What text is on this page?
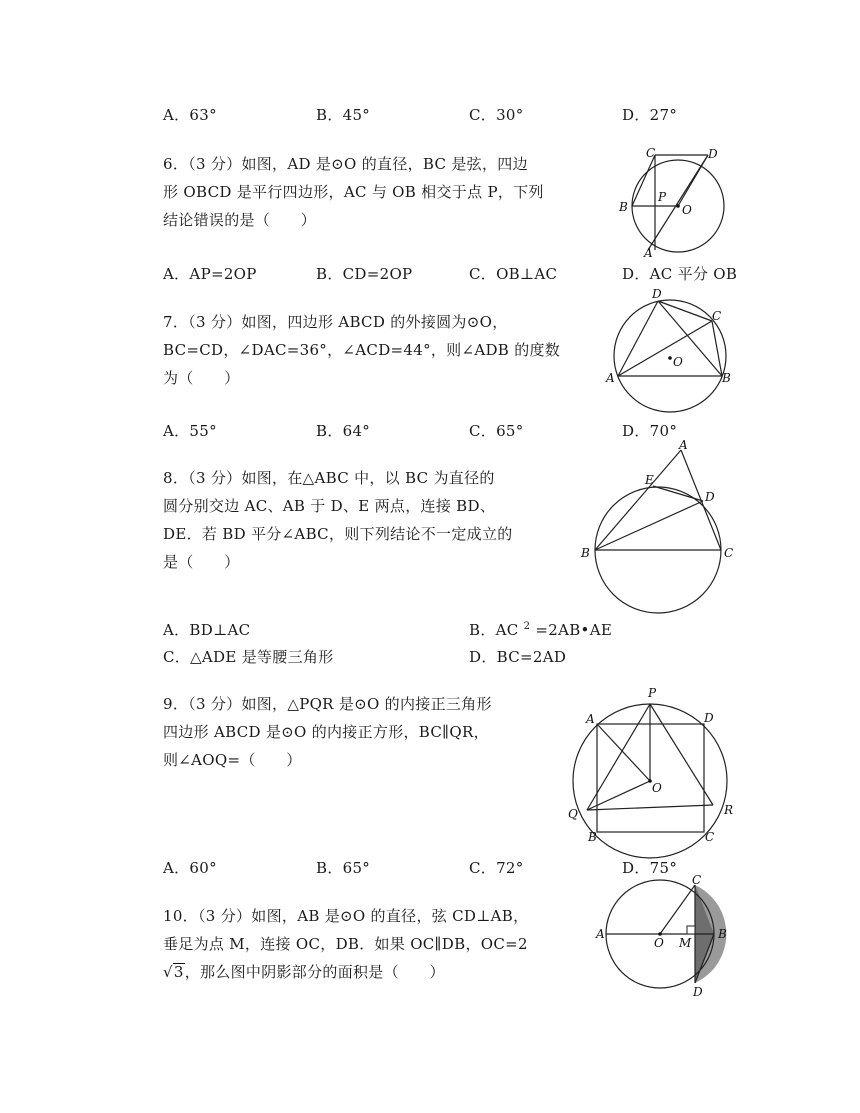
A．63°	B．45°	C．30°	D．27°
6．（3 分）如图，AD 是⊙O 的直径，BC 是弦，四边
形 OBCD 是平行四边形，AC 与 OB 相交于点 P，下列
结论错误的是（　　）
C	D
P
B	O
A
A．AP=2OP	B．CD=2OP	C．OB⊥AC	D．AC 平分 OB
7．（3 分）如图，四边形 ABCD 的外接圆为⊙O，
BC=CD，∠DAC=36°，∠ACD=44°，则∠ADB 的度数
为（　　）
D
C
O
A	B
A．55°	B．64°	C．65°	D．70°
8．（3 分）如图，在△ABC 中，以 BC 为直径的
圆分别交边 AC、AB 于 D、E 两点，连接 BD、
DE．若 BD 平分∠ABC，则下列结论不一定成立的
是（　　）
A
E
D
B	C
A．BD⊥AC	B．AC $^2$ =2AB•AE
C．△ADE 是等腰三角形	D．BC=2AD
9．（3 分）如图，△PQR 是⊙O 的内接正三角形
四边形 ABCD 是⊙O 的内接正方形，BC∥QR，
则∠AOQ=（　　）
P
A	D
O
Q	R
B	C
A．60°	B．65°	C．72°	D．75°
10．（3 分）如图，AB 是⊙O 的直径，弦 CD⊥AB，
垂足为点 M，连接 OC，DB．如果 OC∥DB，OC=2
√3，那么图中阴影部分的面积是（　　）
C
A
O M
B
D
